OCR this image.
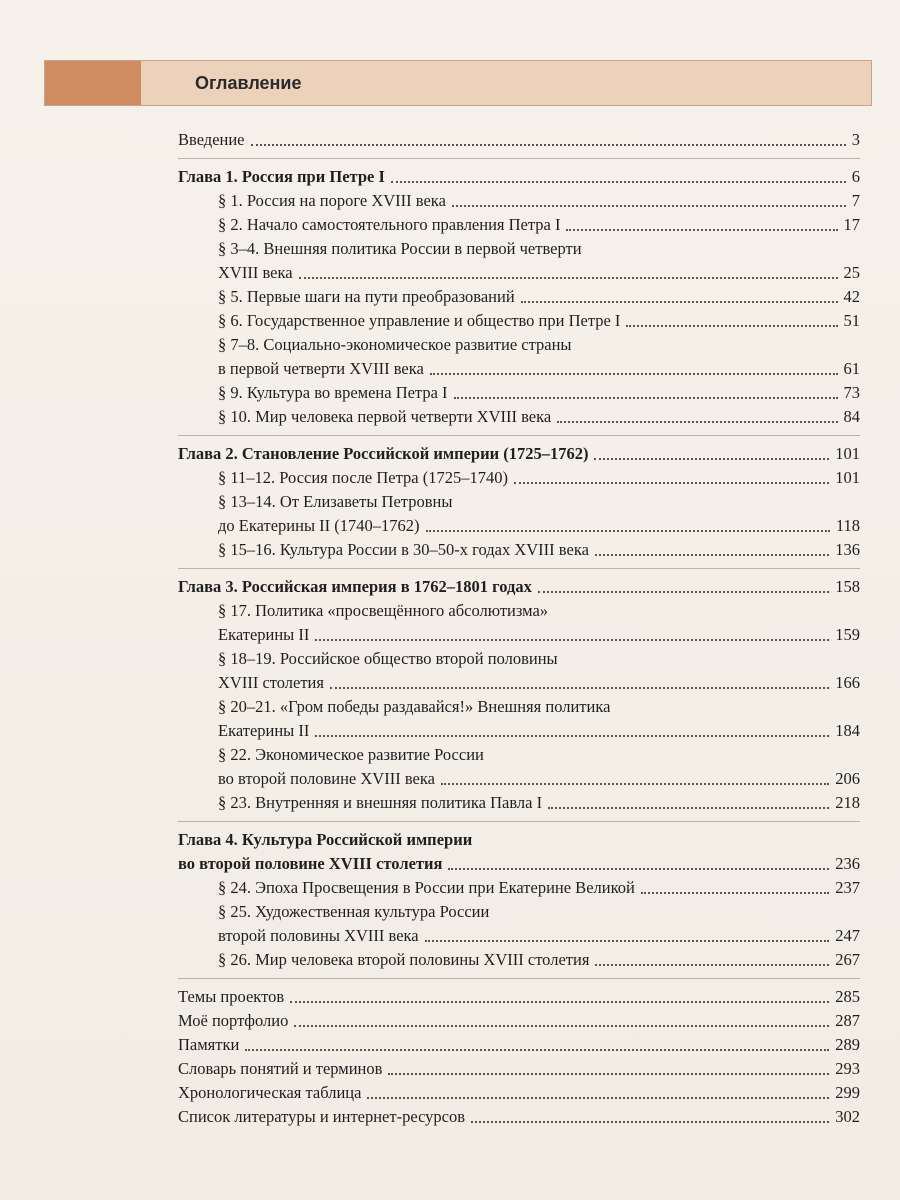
Оглавление
Введение	3
Глава 1. Россия при Петре I	6
§ 1. Россия на пороге XVIII века	7
§ 2. Начало самостоятельного правления Петра I	17
§ 3–4. Внешняя политика России в первой четверти
XVIII века	25
§ 5. Первые шаги на пути преобразований	42
§ 6. Государственное управление и общество при Петре I	51
§ 7–8. Социально-экономическое развитие страны
в первой четверти XVIII века	61
§ 9. Культура во времена Петра I	73
§ 10. Мир человека первой четверти XVIII века	84
Глава 2. Становление Российской империи (1725–1762)	101
§ 11–12. Россия после Петра (1725–1740)	101
§ 13–14. От Елизаветы Петровны
до Екатерины II (1740–1762)	118
§ 15–16. Культура России в 30–50-х годах XVIII века	136
Глава 3. Российская империя в 1762–1801 годах	158
§ 17. Политика «просвещённого абсолютизма»
Екатерины II	159
§ 18–19. Российское общество второй половины
XVIII столетия	166
§ 20–21. «Гром победы раздавайся!» Внешняя политика
Екатерины II	184
§ 22. Экономическое развитие России
во второй половине XVIII века	206
§ 23. Внутренняя и внешняя политика Павла I	218
Глава 4. Культура Российской империи
во второй половине XVIII столетия	236
§ 24. Эпоха Просвещения в России при Екатерине Великой	237
§ 25. Художественная культура России
второй половины XVIII века	247
§ 26. Мир человека второй половины XVIII столетия	267
Темы проектов	285
Моё портфолио	287
Памятки	289
Словарь понятий и терминов	293
Хронологическая таблица	299
Список литературы и интернет-ресурсов	302
